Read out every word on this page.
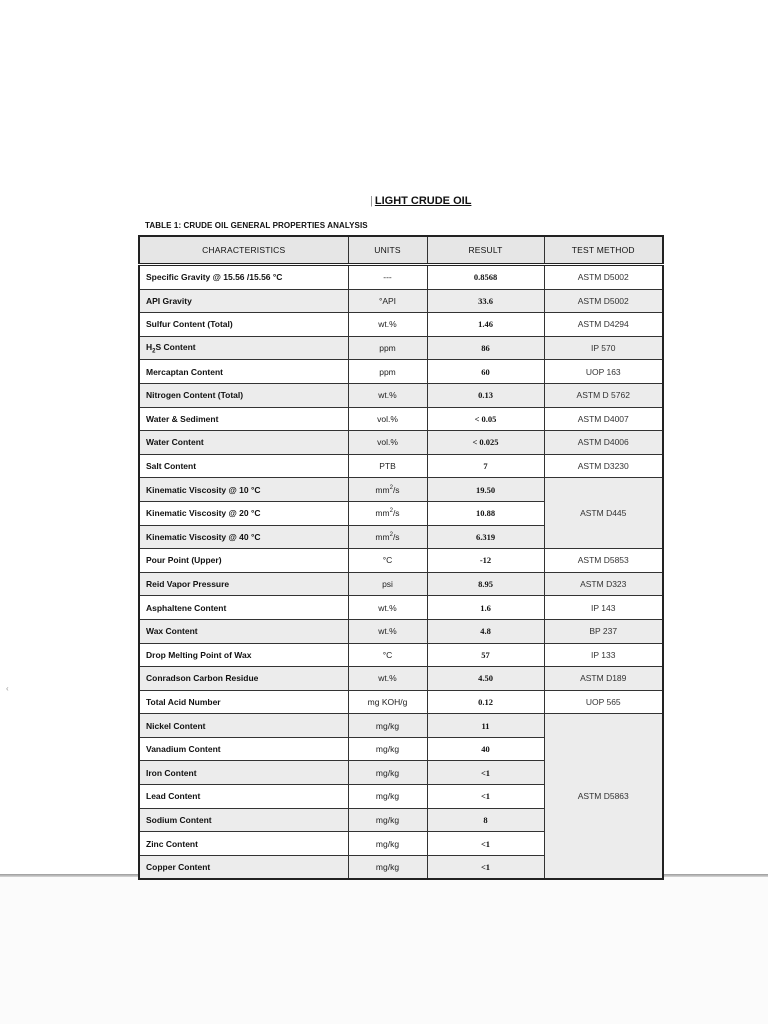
‹
| LIGHT CRUDE OIL
TABLE 1: CRUDE OIL GENERAL PROPERTIES ANALYSIS
CHARACTERISTICS	UNITS	RESULT	TEST METHOD
Specific Gravity @ 15.56 /15.56 °C	---	0.8568	ASTM D5002
API Gravity	°API	33.6	ASTM D5002
Sulfur Content (Total)	wt.%	1.46	ASTM D4294
$H_2S$ Content	ppm	86	IP 570
Mercaptan Content	ppm	60	UOP 163
Nitrogen Content (Total)	wt.%	0.13	ASTM D 5762
Water & Sediment	vol.%	< 0.05	ASTM D4007
Water Content	vol.%	< 0.025	ASTM D4006
Salt Content	PTB	7	ASTM D3230
Kinematic Viscosity @ 10 °C	$mm^2/s$	19.50	ASTM D445
Kinematic Viscosity @ 20 °C	$mm^2/s$	10.88	
Kinematic Viscosity @ 40 °C	$mm^2/s$	6.319	
Pour Point (Upper)	°C	-12	ASTM D5853
Reid Vapor Pressure	psi	8.95	ASTM D323
Asphaltene Content	wt.%	1.6	IP 143
Wax Content	wt.%	4.8	BP 237
Drop Melting Point of Wax	°C	57	IP 133
Conradson Carbon Residue	wt.%	4.50	ASTM D189
Total Acid Number	mg KOH/g	0.12	UOP 565
Nickel Content	mg/kg	11	ASTM D5863
Vanadium Content	mg/kg	40	
Iron Content	mg/kg	<1	
Lead Content	mg/kg	<1	
Sodium Content	mg/kg	8	
Zinc Content	mg/kg	<1	
Copper Content	mg/kg	<1	
